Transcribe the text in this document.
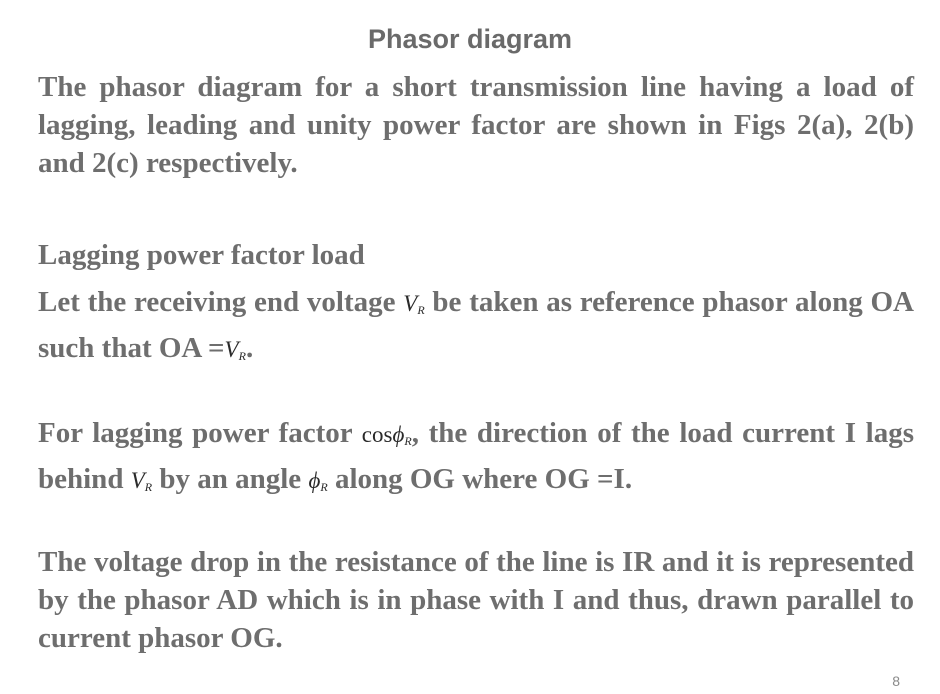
Phasor diagram
The phasor diagram for a short transmission line having a load of lagging, leading and unity power factor are shown in Figs 2(a), 2(b) and 2(c) respectively.
Lagging power factor load
Let the receiving end voltage $V_R$ be taken as reference phasor along OA such that OA $=V_R$.
For lagging power factor cosϕ$_R$, the direction of the load current I lags behind $V_R$ by an angle $\phi_R$ along OG where OG =I.
The voltage drop in the resistance of the line is IR and it is represented by the phasor AD which is in phase with I and thus, drawn parallel to current phasor OG.
8
